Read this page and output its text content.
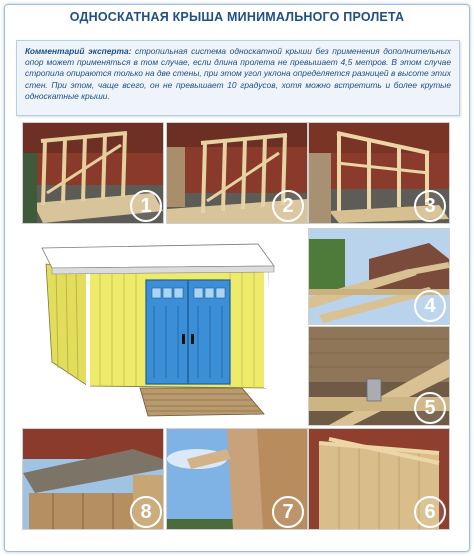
ОДНОСКАТНАЯ КРЫША МИНИМАЛЬНОГО ПРОЛЕТА

Комментарий эксперта: стропильная система односкатной крыши без применения дополнительных опор может применяться в том случае, если длина пролета не превышает 4,5 метров. В этом случае стропила опираются только на две стены, при этом угол уклона определяется разницей в высоте этих стен. При этом, чаще всего, он не превышает 10 градусов, хотя можно встретить и более крутые односкатные крыши.

1	2	3
4
5
8	7	6
